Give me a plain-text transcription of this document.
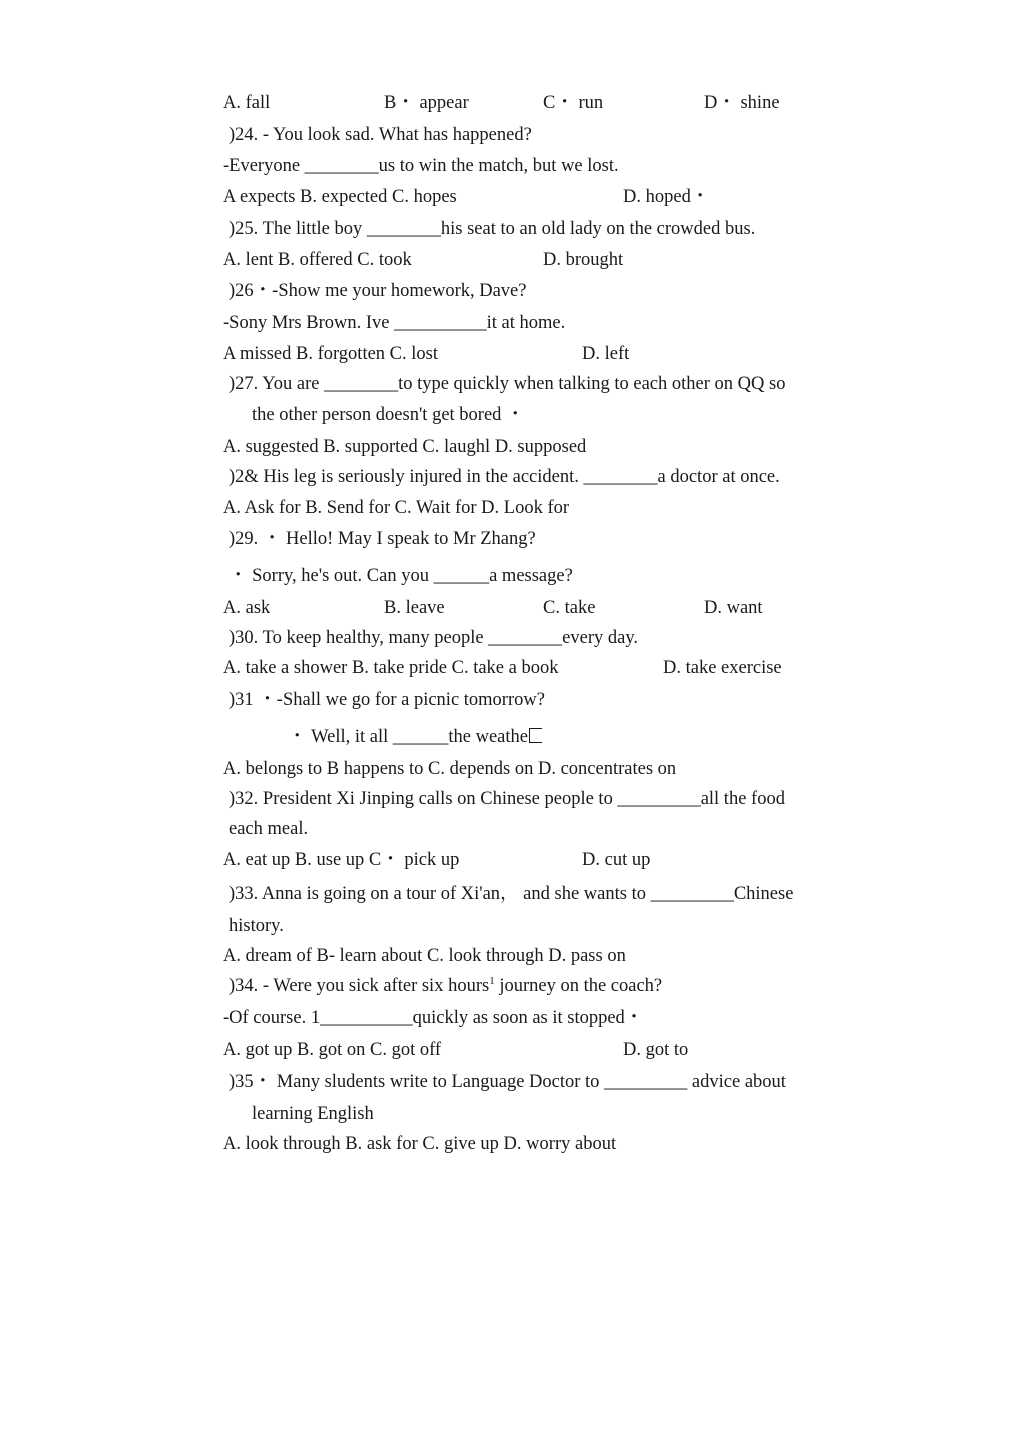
A. fall	B・ appear	C・ run	D・ shine
)24. - You look sad. What has happened?
-Everyone ________us to win the match, but we lost.
A expects B. expected C. hopes	D. hoped・
)25. The little boy ________his seat to an old lady on the crowded bus.
A. lent B. offered C. took	D. brought
)26・-Show me your homework, Dave?
-Sony Mrs Brown. Ive __________it at home.
A missed B. forgotten C. lost	D. left
)27. You are ________to type quickly when talking to each other on QQ so
the other person doesn't get bored ・
A. suggested B. supported C. laughl D. supposed
)2& His leg is seriously injured in the accident. ________a doctor at once.
A. Ask for B. Send for C. Wait for D. Look for
)29. ・ Hello! May I speak to Mr Zhang?
・ Sorry, he's out. Can you ______a message?
A. ask	B. leave	C. take	D. want
)30. To keep healthy, many people ________every day.
A. take a shower B. take pride C. take a book	D. take exercise
)31 ・-Shall we go for a picnic tomorrow?
・ Well, it all ______the weathe
A. belongs to B happens to C. depends on D. concentrates on
)32. President Xi Jinping calls on Chinese people to _________all the food
each meal.
A. eat up B. use up C・ pick up	D. cut up
)33. Anna is going on a tour of Xi'an， and she wants to _________Chinese
history.
A. dream of B- learn about C. look through D. pass on
)34. - Were you sick after six hours$^1$ journey on the coach?
-Of course. 1__________quickly as soon as it stopped・
A. got up B. got on C. got off	D. got to
)35・ Many sludents write to Language Doctor to _________ advice about
learning English
A. look through B. ask for C. give up D. worry about
